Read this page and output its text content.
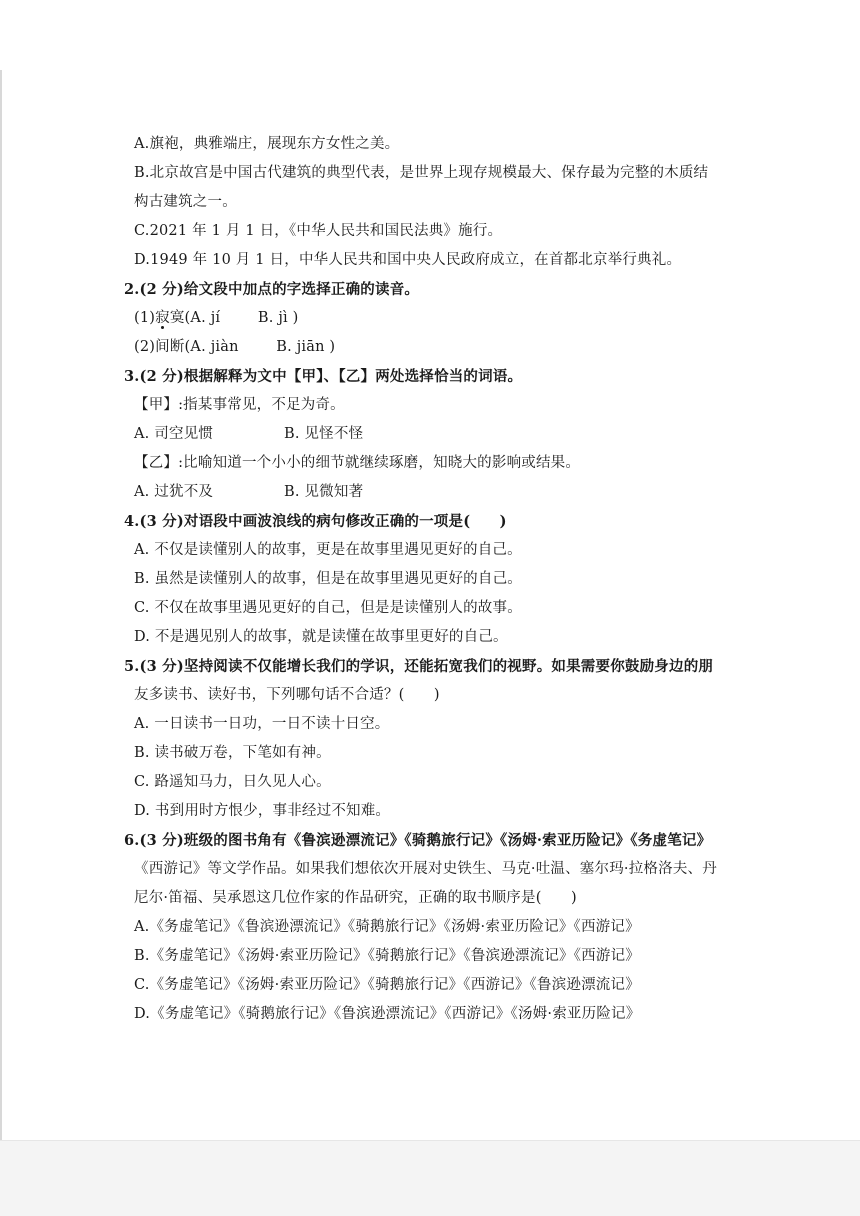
A.旗袍，典雅端庄，展现东方女性之美。
B.北京故宫是中国古代建筑的典型代表，是世界上现存规模最大、保存最为完整的木质结
构古建筑之一。
C.2021 年 1 月 1 日，《中华人民共和国民法典》施行。
D.1949 年 10 月 1 日，中华人民共和国中央人民政府成立，在首都北京举行典礼。
2.(2 分)给文段中加点的字选择正确的读音。
(1)寂寞(A. jí	B. jì )
(2)间断(A. jiàn	B. jiān )
3.(2 分)根据解释为文中【甲】、【乙】两处选择恰当的词语。
【甲】:指某事常见，不足为奇。
A. 司空见惯	B. 见怪不怪
【乙】:比喻知道一个小小的细节就继续琢磨，知晓大的影响或结果。
A. 过犹不及	B. 见微知著
4.(3 分)对语段中画波浪线的病句修改正确的一项是(　　)
A. 不仅是读懂别人的故事，更是在故事里遇见更好的自己。
B. 虽然是读懂别人的故事，但是在故事里遇见更好的自己。
C. 不仅在故事里遇见更好的自己，但是是读懂别人的故事。
D. 不是遇见别人的故事，就是读懂在故事里更好的自己。
5.(3 分)坚持阅读不仅能增长我们的学识，还能拓宽我们的视野。如果需要你鼓励身边的朋
友多读书、读好书，下列哪句话不合适？(　　)
A. 一日读书一日功，一日不读十日空。
B. 读书破万卷，下笔如有神。
C. 路遥知马力，日久见人心。
D. 书到用时方恨少，事非经过不知难。
6.(3 分)班级的图书角有《鲁滨逊漂流记》《骑鹅旅行记》《汤姆·索亚历险记》《务虚笔记》
《西游记》等文学作品。如果我们想依次开展对史铁生、马克·吐温、塞尔玛·拉格洛夫、丹
尼尔·笛福、吴承恩这几位作家的作品研究，正确的取书顺序是(　　)
A.《务虚笔记》《鲁滨逊漂流记》《骑鹅旅行记》《汤姆·索亚历险记》《西游记》
B.《务虚笔记》《汤姆·索亚历险记》《骑鹅旅行记》《鲁滨逊漂流记》《西游记》
C.《务虚笔记》《汤姆·索亚历险记》《骑鹅旅行记》《西游记》《鲁滨逊漂流记》
D.《务虚笔记》《骑鹅旅行记》《鲁滨逊漂流记》《西游记》《汤姆·索亚历险记》
